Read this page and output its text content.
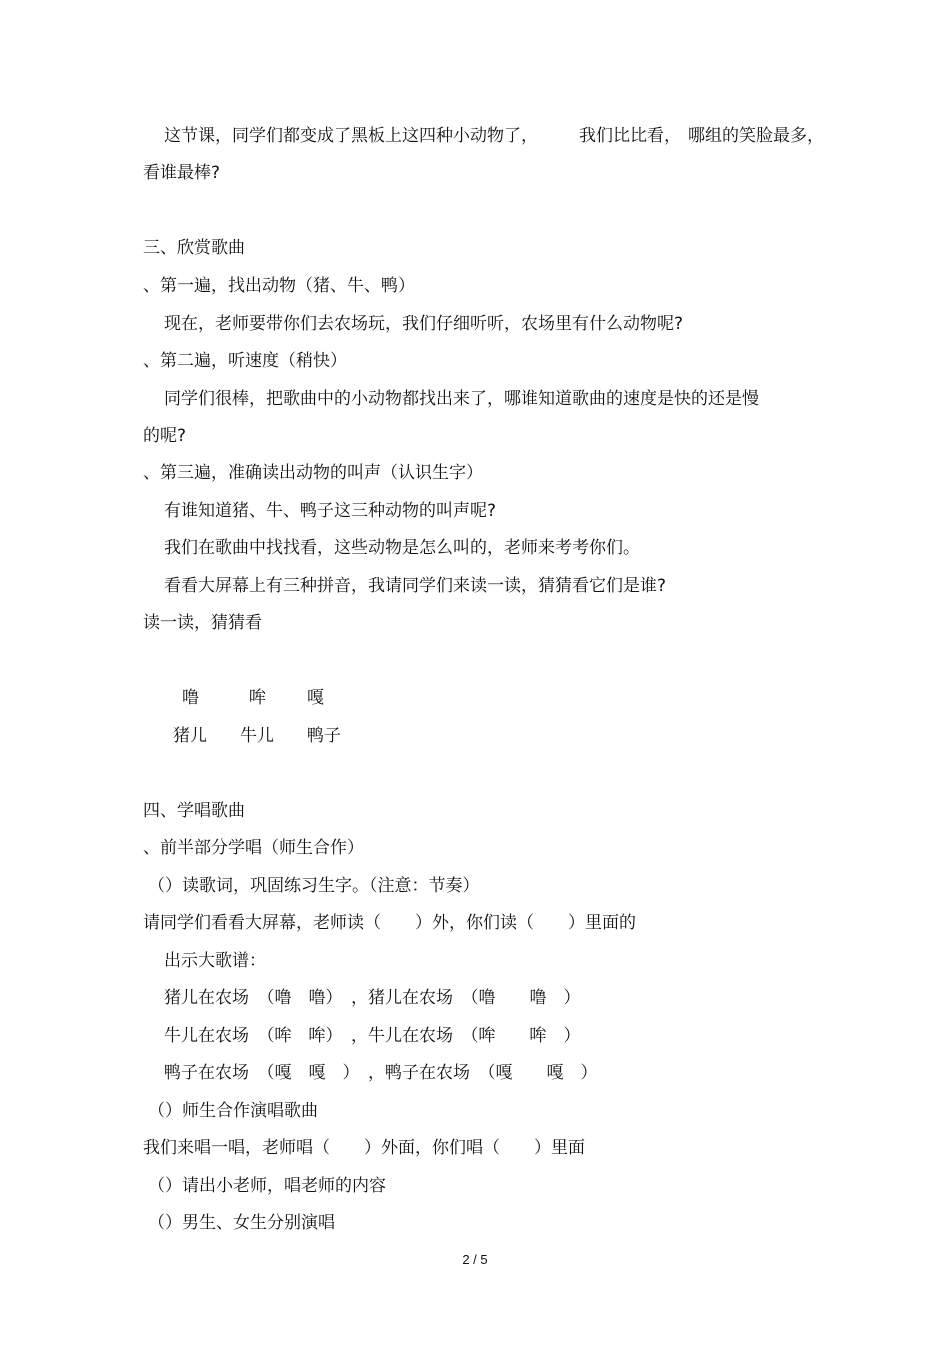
这节课，同学们都变成了黑板上这四种小动物了， 我们比比看， 哪组的笑脸最多，
看谁最棒?
三、欣赏歌曲
、第一遍，找出动物（猪、牛、鸭）
现在，老师要带你们去农场玩，我们仔细听听，农场里有什么动物呢?
、第二遍，听速度（稍快）
同学们很棒，把歌曲中的小动物都找出来了，哪谁知道歌曲的速度是快的还是慢
的呢?
、第三遍，准确读出动物的叫声（认识生字）
有谁知道猪、牛、鸭子这三种动物的叫声呢?
我们在歌曲中找找看，这些动物是怎么叫的，老师来考考你们。
看看大屏幕上有三种拼音，我请同学们来读一读，猜猜看它们是谁?
读一读，猜猜看
噜	哞 嘎
猪儿 牛儿 鸭子
四、学唱歌曲
、前半部分学唱（师生合作）
（）读歌词，巩固练习生字。（注意：节奏）
请同学们看看大屏幕，老师读（　　）外，你们读（　　）里面的
出示大歌谱：
猪儿在农场　（噜　噜）　，猪儿在农场　（噜　　噜　）
牛儿在农场　（哞　哞）　，牛儿在农场　（哞　　哞　）
鸭子在农场　（嘎　嘎　）　，鸭子在农场　（嘎　　嘎　）
（）师生合作演唱歌曲
我们来唱一唱，老师唱（　　）外面，你们唱（　　）里面
（）请出小老师，唱老师的内容
（）男生、女生分别演唱
2 / 5
